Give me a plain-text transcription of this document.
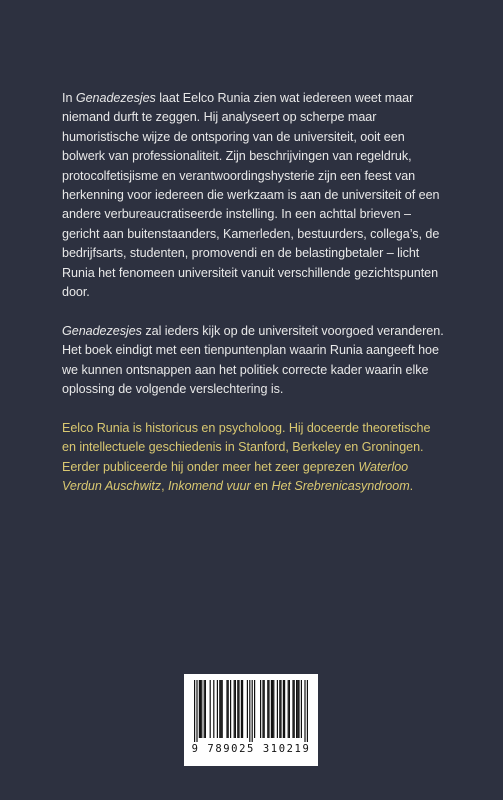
In Genadezesjes laat Eelco Runia zien wat iedereen weet maar niemand durft te zeggen. Hij analyseert op scherpe maar humoristische wijze de ontsporing van de universiteit, ooit een bolwerk van professionaliteit. Zijn beschrijvingen van regeldruk, protocolfetisjisme en verantwoordingshysterie zijn een feest van herkenning voor iedereen die werkzaam is aan de universiteit of een andere verbureaucratiseerde instelling. In een achttal brieven – gericht aan buitenstaanders, Kamerleden, bestuurders, collega’s, de bedrijfsarts, studenten, promovendi en de belastingbetaler – licht Runia het fenomeen universiteit vanuit verschillende gezichtspunten door.

Genadezesjes zal ieders kijk op de universiteit voorgoed veranderen. Het boek eindigt met een tienpuntenplan waarin Runia aangeeft hoe we kunnen ontsnappen aan het politiek correcte kader waarin elke oplossing de volgende verslechtering is.

Eelco Runia is historicus en psycholoog. Hij doceerde theoretische en intellectuele geschiedenis in Stanford, Berkeley en Groningen. Eerder publiceerde hij onder meer het zeer geprezen Waterloo Verdun Auschwitz, Inkomend vuur en Het Srebrenicasyndroom.

9 789025 310219
